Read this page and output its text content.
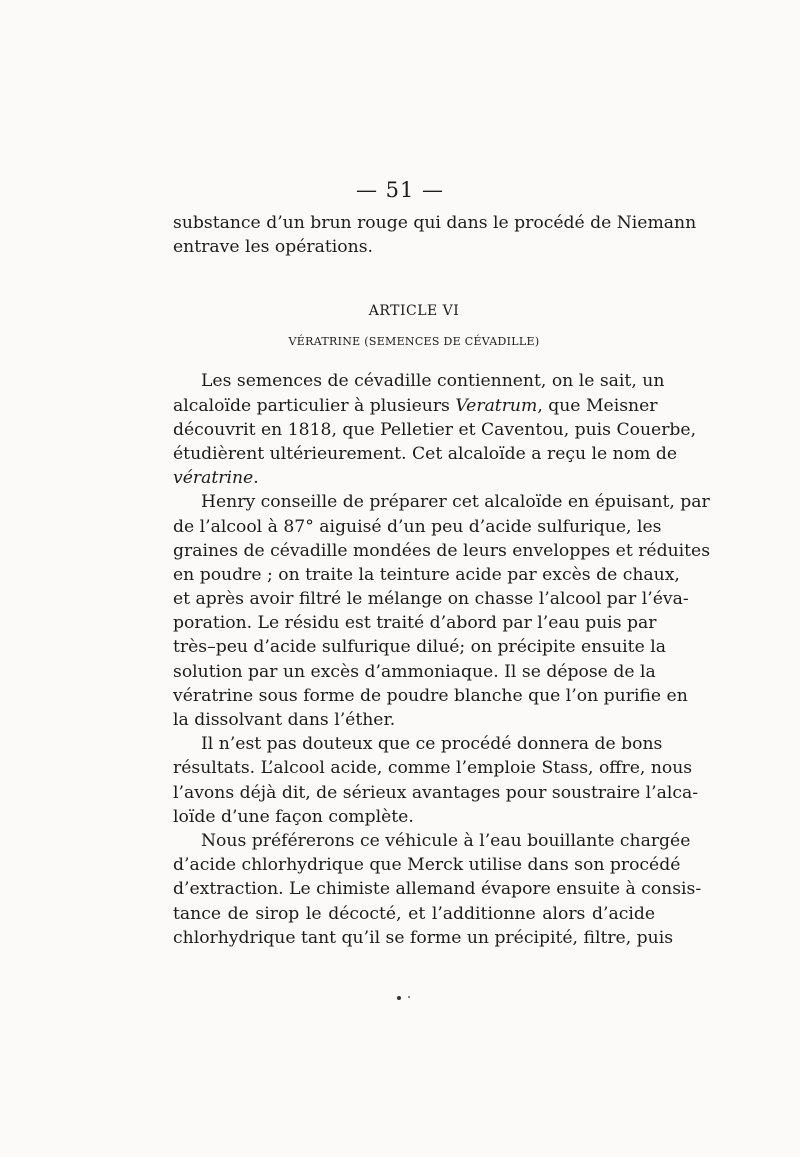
— 51 —
substance d’un brun rouge qui dans le procédé de Niemann
entrave les opérations.
ARTICLE VI
VÉRATRINE (SEMENCES DE CÉVADILLE)
Les semences de cévadille contiennent, on le sait, un
alcaloïde particulier à plusieurs Veratrum, que Meisner
découvrit en 1818, que Pelletier et Caventou, puis Couerbe,
étudièrent ultérieurement. Cet alcaloïde a reçu le nom de
vératrine.
Henry conseille de préparer cet alcaloïde en épuisant, par
de l’alcool à 87° aiguisé d’un peu d’acide sulfurique, les
graines de cévadille mondées de leurs enveloppes et réduites
en poudre ; on traite la teinture acide par excès de chaux,
et après avoir filtré le mélange on chasse l’alcool par l’éva-
poration. Le résidu est traité d’abord par l’eau puis par
très–peu d’acide sulfurique dilué; on précipite ensuite la
solution par un excès d’ammoniaque. Il se dépose de la
vératrine sous forme de poudre blanche que l’on purifie en
la dissolvant dans l’éther.
Il n’est pas douteux que ce procédé donnera de bons
résultats. L’alcool acide, comme l’emploie Stass, offre, nous
l’avons déjà dit, de sérieux avantages pour soustraire l’alca-
loïde d’une façon complète.
Nous préférerons ce véhicule à l’eau bouillante chargée
d’acide chlorhydrique que Merck utilise dans son procédé
d’extraction. Le chimiste allemand évapore ensuite à consis-
tance de sirop le décocté, et l’additionne alors d’acide
chlorhydrique tant qu’il se forme un précipité, filtre, puis
